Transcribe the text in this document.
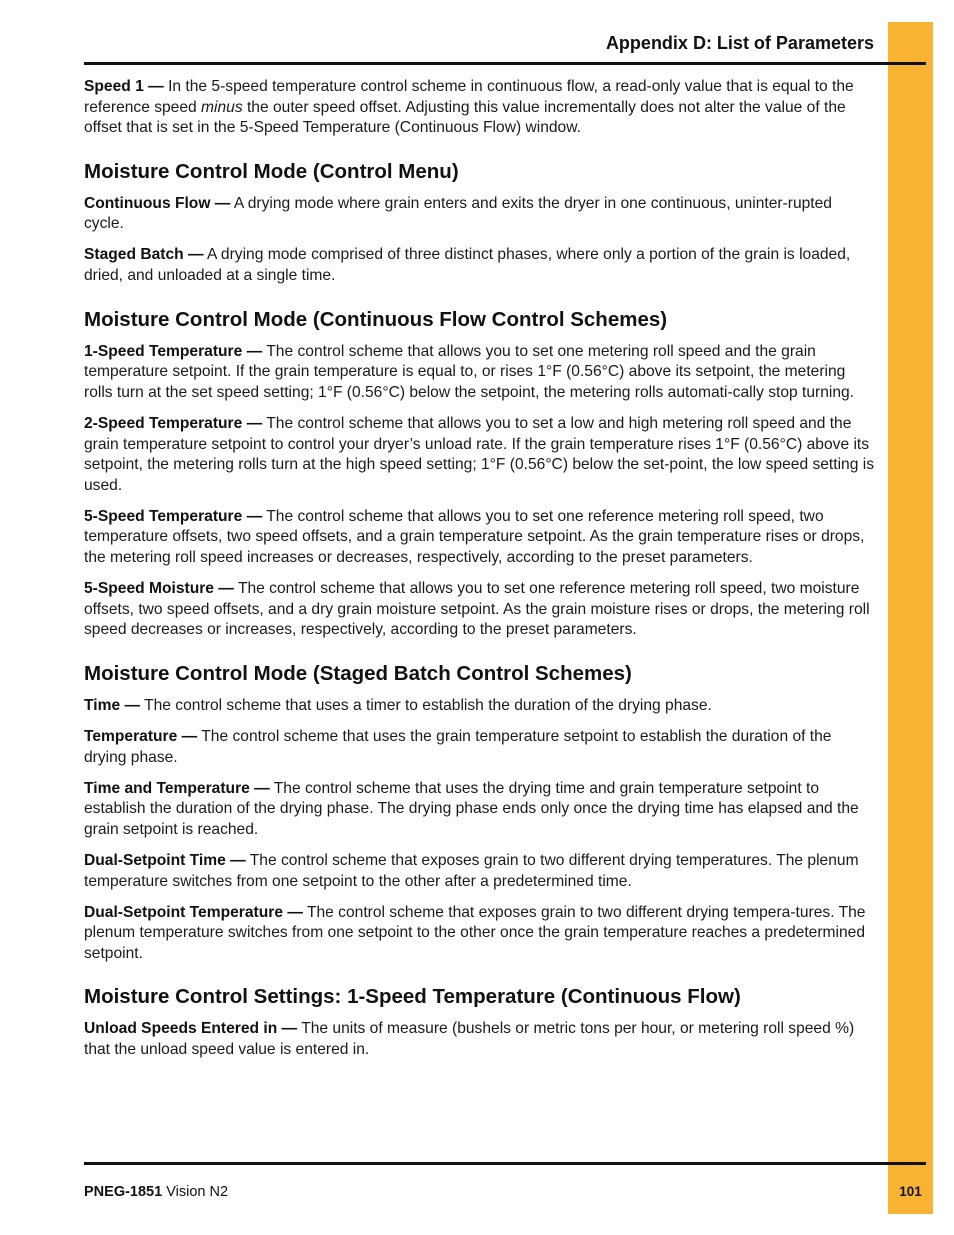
Appendix D: List of Parameters

Speed 1 — In the 5-speed temperature control scheme in continuous flow, a read-only value that is equal to the reference speed minus the outer speed offset. Adjusting this value incrementally does not alter the value of the offset that is set in the 5-Speed Temperature (Continuous Flow) window.

Moisture Control Mode (Control Menu)

Continuous Flow — A drying mode where grain enters and exits the dryer in one continuous, uninter-rupted cycle.

Staged Batch — A drying mode comprised of three distinct phases, where only a portion of the grain is loaded, dried, and unloaded at a single time.

Moisture Control Mode (Continuous Flow Control Schemes)

1-Speed Temperature — The control scheme that allows you to set one metering roll speed and the grain temperature setpoint. If the grain temperature is equal to, or rises 1°F (0.56°C) above its setpoint, the metering rolls turn at the set speed setting; 1°F (0.56°C) below the setpoint, the metering rolls automati-cally stop turning.

2-Speed Temperature — The control scheme that allows you to set a low and high metering roll speed and the grain temperature setpoint to control your dryer’s unload rate. If the grain temperature rises 1°F (0.56°C) above its setpoint, the metering rolls turn at the high speed setting; 1°F (0.56°C) below the set-point, the low speed setting is used.

5-Speed Temperature — The control scheme that allows you to set one reference metering roll speed, two temperature offsets, two speed offsets, and a grain temperature setpoint. As the grain temperature rises or drops, the metering roll speed increases or decreases, respectively, according to the preset parameters.

5-Speed Moisture — The control scheme that allows you to set one reference metering roll speed, two moisture offsets, two speed offsets, and a dry grain moisture setpoint. As the grain moisture rises or drops, the metering roll speed decreases or increases, respectively, according to the preset parameters.

Moisture Control Mode (Staged Batch Control Schemes)

Time — The control scheme that uses a timer to establish the duration of the drying phase.

Temperature — The control scheme that uses the grain temperature setpoint to establish the duration of the drying phase.

Time and Temperature — The control scheme that uses the drying time and grain temperature setpoint to establish the duration of the drying phase. The drying phase ends only once the drying time has elapsed and the grain setpoint is reached.

Dual-Setpoint Time — The control scheme that exposes grain to two different drying temperatures. The plenum temperature switches from one setpoint to the other after a predetermined time.

Dual-Setpoint Temperature — The control scheme that exposes grain to two different drying tempera-tures. The plenum temperature switches from one setpoint to the other once the grain temperature reaches a predetermined setpoint.

Moisture Control Settings: 1-Speed Temperature (Continuous Flow)

Unload Speeds Entered in — The units of measure (bushels or metric tons per hour, or metering roll speed %) that the unload speed value is entered in.

PNEG-1851 Vision N2	101
